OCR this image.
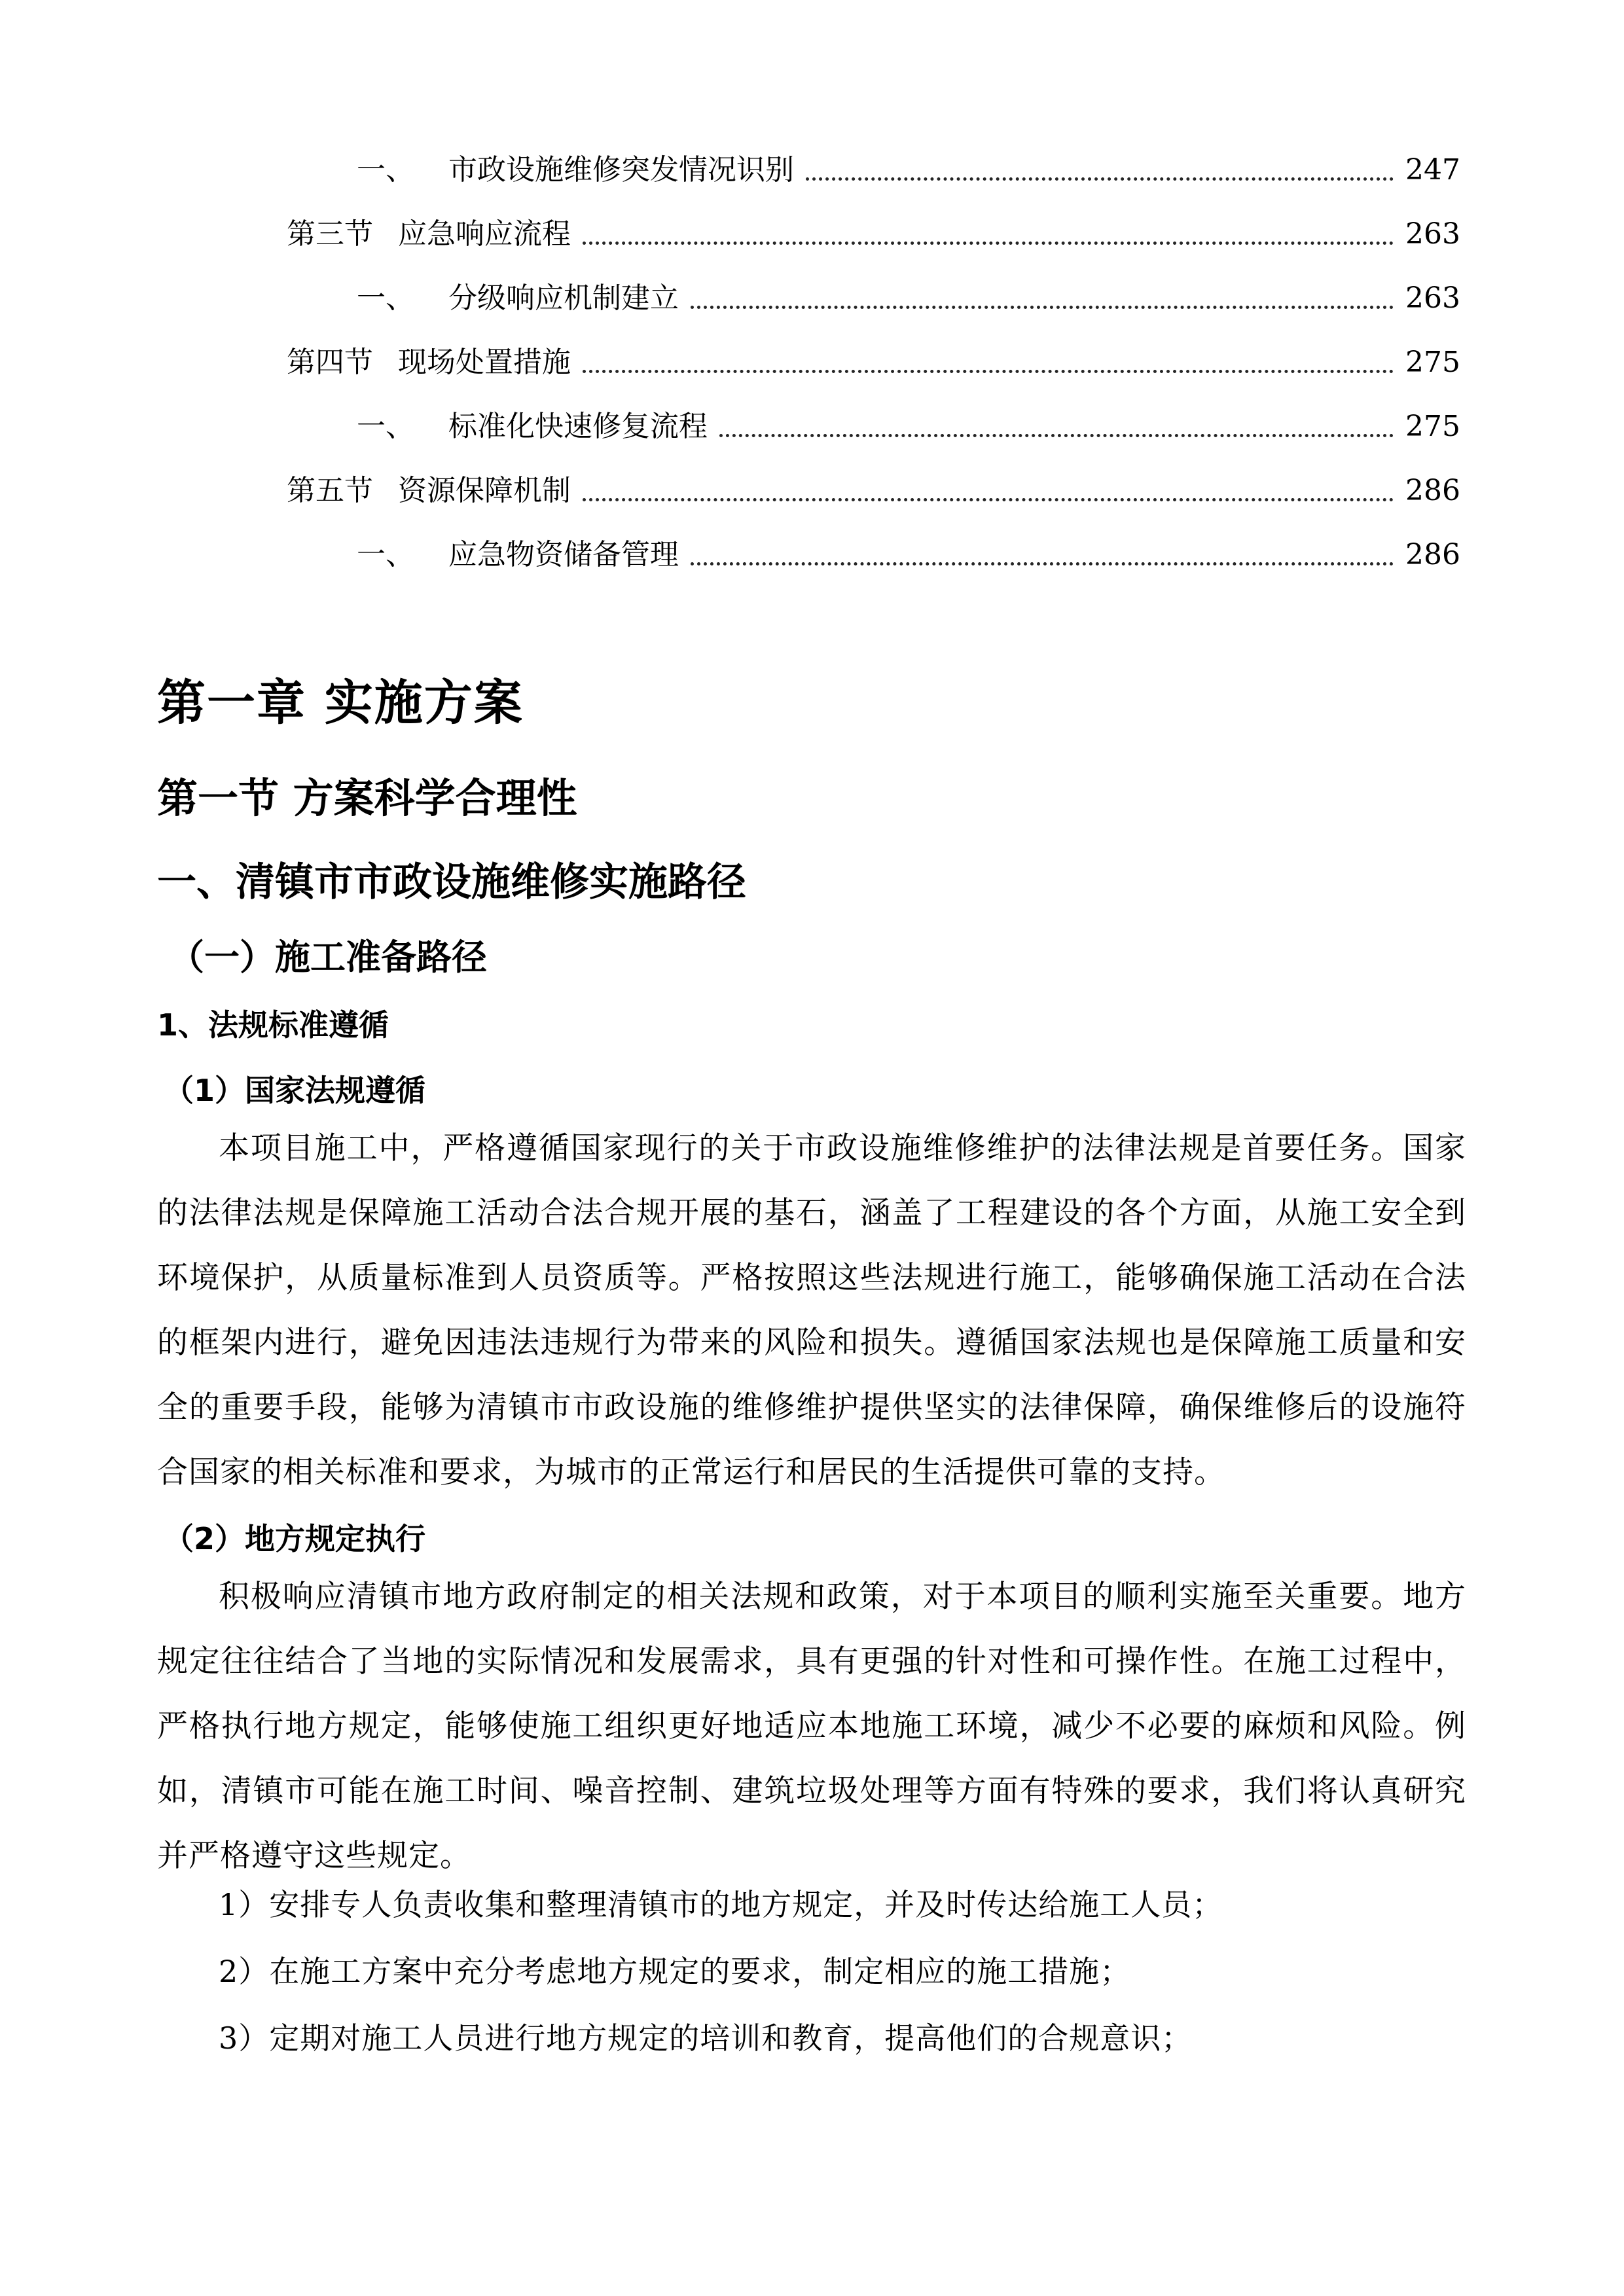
一、	市政设施维修突发情况识别	247
第三节 应急响应流程	263
一、	分级响应机制建立	263
第四节 现场处置措施	275
一、	标准化快速修复流程	275
第五节 资源保障机制	286
一、	应急物资储备管理	286
第一章 实施方案
第一节 方案科学合理性
一、清镇市市政设施维修实施路径
（一）施工准备路径
1、法规标准遵循
（1）国家法规遵循
本项目施工中，严格遵循国家现行的关于市政设施维修维护的法律法规是首要任务。国家的法律法规是保障施工活动合法合规开展的基石，涵盖了工程建设的各个方面，从施工安全到环境保护，从质量标准到人员资质等。严格按照这些法规进行施工，能够确保施工活动在合法的框架内进行，避免因违法违规行为带来的风险和损失。遵循国家法规也是保障施工质量和安全的重要手段，能够为清镇市市政设施的维修维护提供坚实的法律保障，确保维修后的设施符合国家的相关标准和要求，为城市的正常运行和居民的生活提供可靠的支持。
（2）地方规定执行
积极响应清镇市地方政府制定的相关法规和政策，对于本项目的顺利实施至关重要。地方规定往往结合了当地的实际情况和发展需求，具有更强的针对性和可操作性。在施工过程中，严格执行地方规定，能够使施工组织更好地适应本地施工环境，减少不必要的麻烦和风险。例如，清镇市可能在施工时间、噪音控制、建筑垃圾处理等方面有特殊的要求，我们将认真研究并严格遵守这些规定。
1）安排专人负责收集和整理清镇市的地方规定，并及时传达给施工人员；
2）在施工方案中充分考虑地方规定的要求，制定相应的施工措施；
3）定期对施工人员进行地方规定的培训和教育，提高他们的合规意识；
